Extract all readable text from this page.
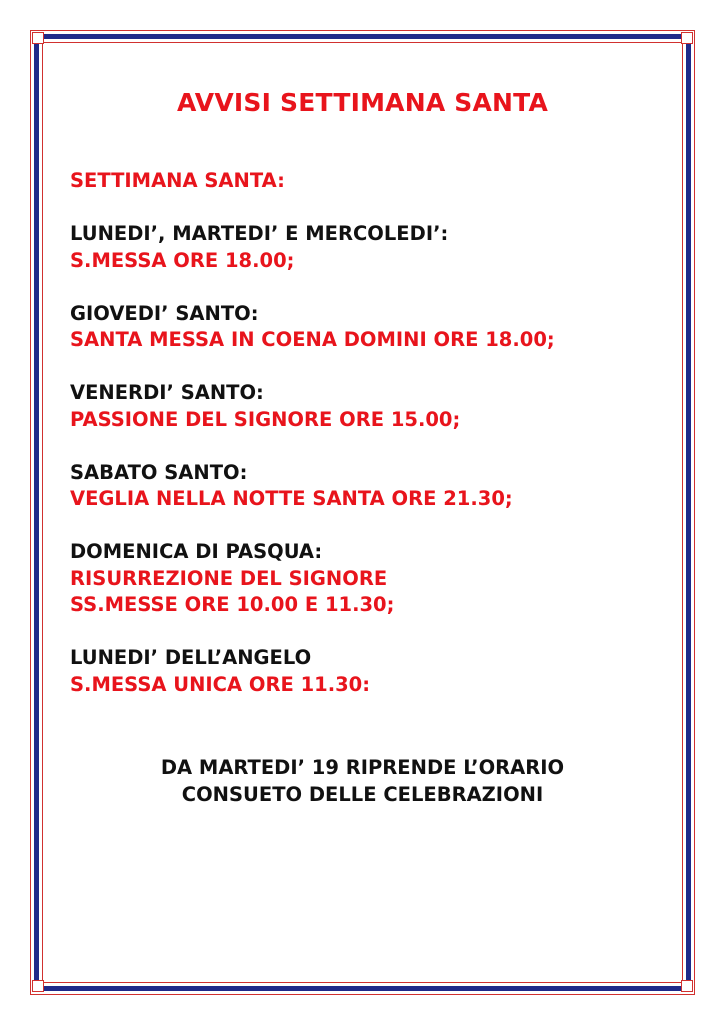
AVVISI SETTIMANA SANTA
SETTIMANA SANTA:
LUNEDI’, MARTEDI’ E MERCOLEDI’:
S.MESSA ORE 18.00;
GIOVEDI’ SANTO:
SANTA MESSA IN COENA DOMINI ORE 18.00;
VENERDI’ SANTO:
PASSIONE DEL SIGNORE ORE 15.00;
SABATO SANTO:
VEGLIA NELLA NOTTE SANTA ORE 21.30;
DOMENICA DI PASQUA:
RISURREZIONE DEL SIGNORE
SS.MESSE ORE 10.00 E 11.30;
LUNEDI’ DELL’ANGELO
S.MESSA UNICA ORE 11.30:
DA MARTEDI’ 19 RIPRENDE L’ORARIO
CONSUETO DELLE CELEBRAZIONI
